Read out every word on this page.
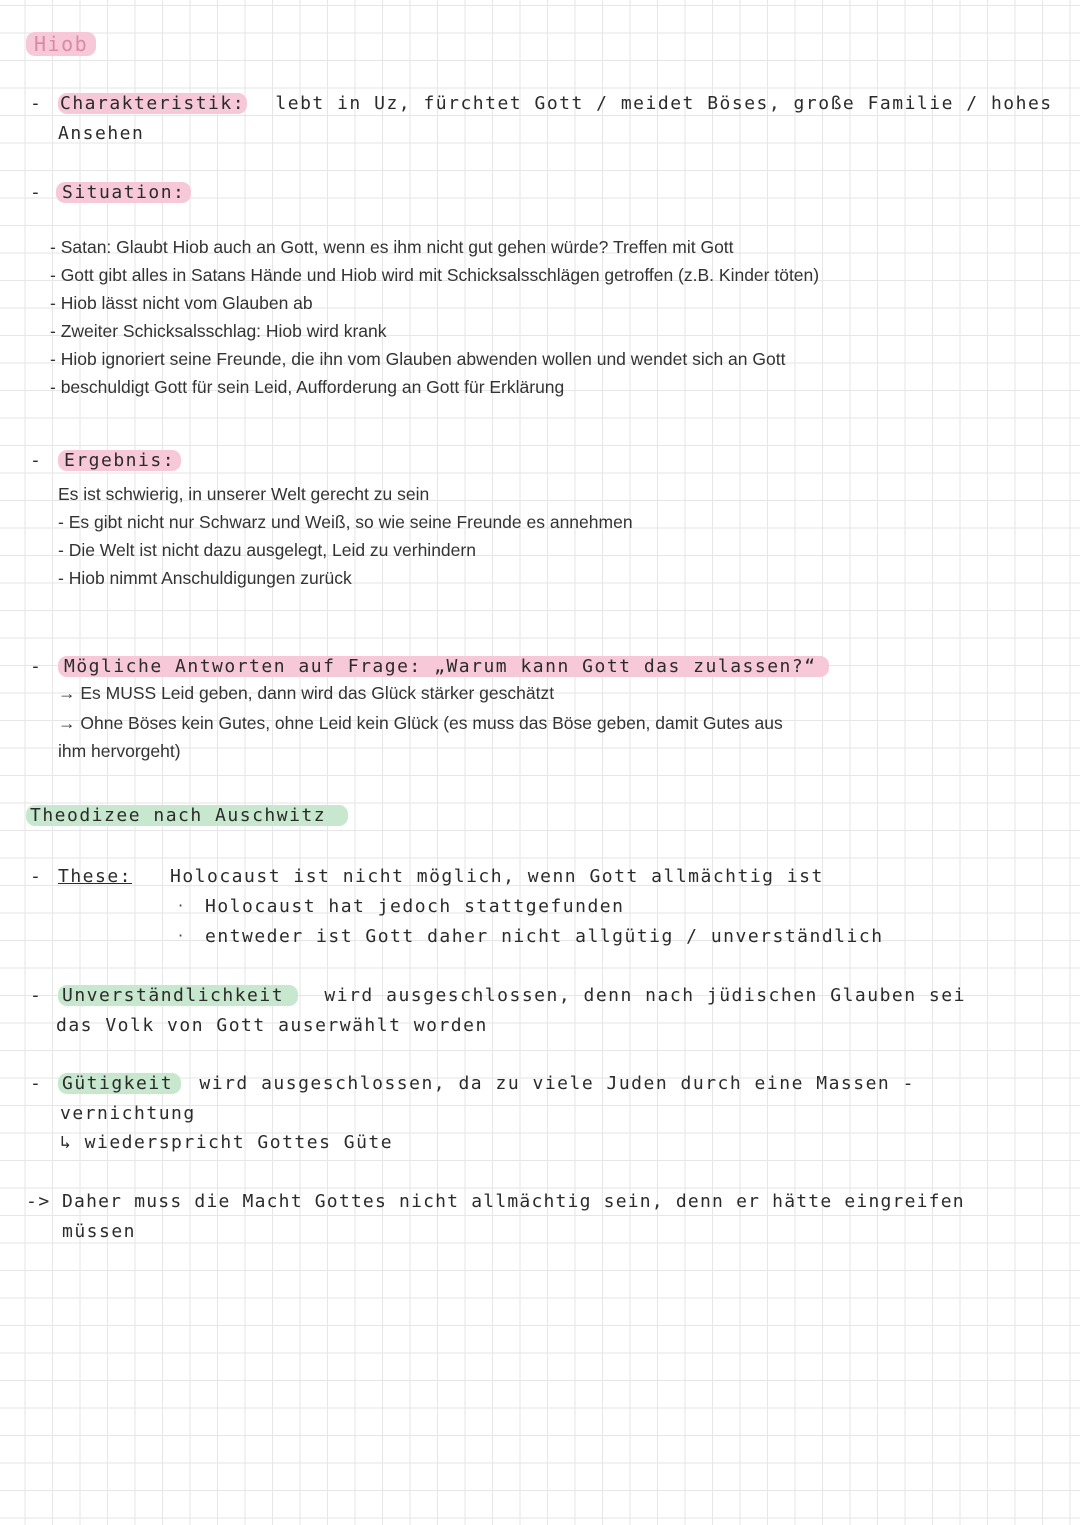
Hiob
- Charakteristik: lebt in Uz, fürchtet Gott / meidet Böses, große Familie / hohes
Ansehen
-	Situation:
- Satan: Glaubt Hiob auch an Gott, wenn es ihm nicht gut gehen würde? Treffen mit Gott
- Gott gibt alles in Satans Hände und Hiob wird mit Schicksalsschlägen getroffen (z.B. Kinder töten)
- Hiob lässt nicht vom Glauben ab
- Zweiter Schicksalsschlag: Hiob wird krank
- Hiob ignoriert seine Freunde, die ihn vom Glauben abwenden wollen und wendet sich an Gott
- beschuldigt Gott für sein Leid, Aufforderung an Gott für Erklärung
-	Ergebnis:
Es ist schwierig, in unserer Welt gerecht zu sein
- Es gibt nicht nur Schwarz und Weiß, so wie seine Freunde es annehmen
- Die Welt ist nicht dazu ausgelegt, Leid zu verhindern
- Hiob nimmt Anschuldigungen zurück
-	Mögliche Antworten auf Frage: „Warum kann Gott das zulassen?“
→ Es MUSS Leid geben, dann wird das Glück stärker geschätzt
→ Ohne Böses kein Gutes, ohne Leid kein Glück (es muss das Böse geben, damit Gutes aus
ihm hervorgeht)
Theodizee nach Auschwitz
- These: Holocaust ist nicht möglich, wenn Gott allmächtig ist
· Holocaust hat jedoch stattgefunden
· entweder ist Gott daher nicht allgütig / unverständlich
- Unverständlichkeit wird ausgeschlossen, denn nach jüdischen Glauben sei
das Volk von Gott auserwählt worden
- Gütigkeit wird ausgeschlossen, da zu viele Juden durch eine Massen -
vernichtung
↳ wiederspricht Gottes Güte
-> Daher muss die Macht Gottes nicht allmächtig sein, denn er hätte eingreifen
müssen
